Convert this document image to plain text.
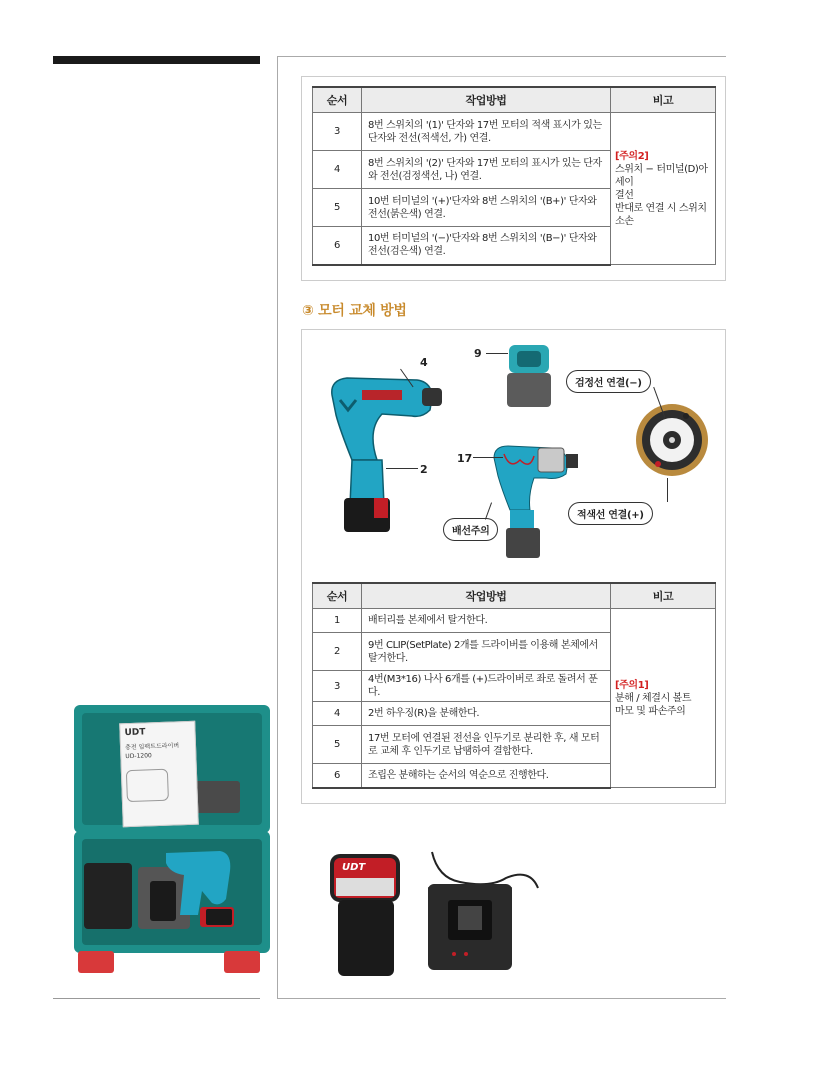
순서	작업방법	비고
3	8번 스위치의 '(1)' 단자와 17번 모터의 적색 표시가 있는 단자와 전선(적색선, 가) 연결.	[주의2]
스위치 − 터미널(D)아세이
결선
반대로 연결 시 스위치
소손

4	8번 스위치의 '(2)' 단자와 17번 모터의 표시가 있는 단자와 전선(검정색선, 나) 연결.	
5	10번 터미널의 '(+)'단자와 8번 스위치의 '(B+)' 단자와 전선(붉은색) 연결.	
6	10번 터미널의 '(−)'단자와 8번 스위치의 '(B−)' 단자와 전선(검은색) 연결.	
③ 모터 교체 방법
4
2
9
17
검정선 연결(−)
적색선 연결(+)
배선주의
순서	작업방법	비고
1	배터리를 본체에서 탈거한다.	[주의1]
분해 / 체결시 볼트
마모 및 파손주의

2	9번 CLIP(SetPlate) 2개를 드라이버를 이용해 본체에서 탈거한다.	
3	4번(M3*16) 나사 6개를 (+)드라이버로 좌로 돌려서 푼다.	
4	2번 하우징(R)을 분해한다.	
5	17번 모터에 연결된 전선을 인두기로 분리한 후, 새 모터로 교체 후 인두기로 납땜하여 결합한다.	
6	조립은 분해하는 순서의 역순으로 진행한다.	
UDT
충전 임팩트드라이버
UD-1200
UDT
